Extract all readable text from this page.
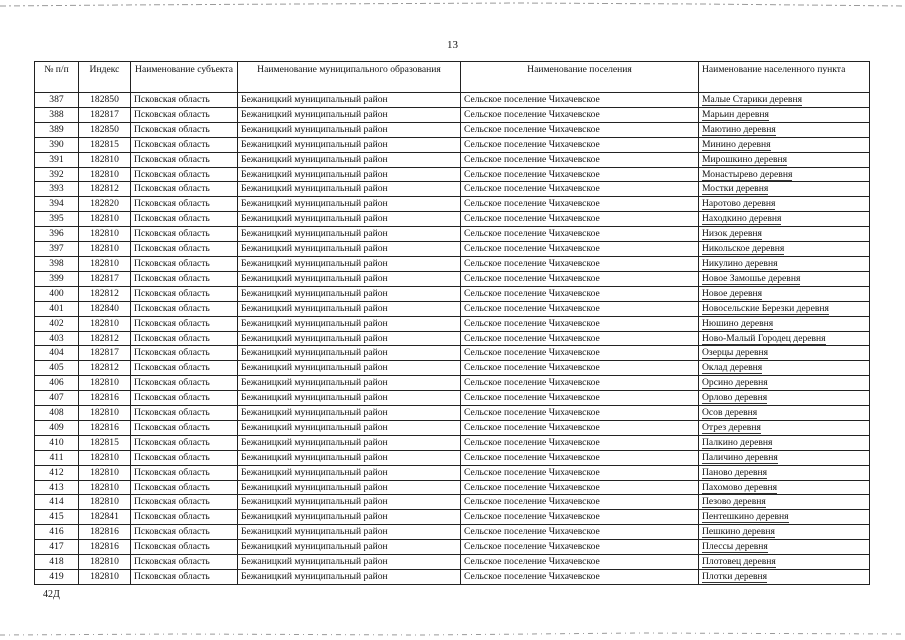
13
№ п/п	Индекс	Наименование субъекта	Наименование муниципального образования	Наименование поселения	Наименование населенного пункта
387	182850	Псковская область	Бежаницкий муниципальный район	Сельское поселение Чихачевское	Малые Старики деревня
388	182817	Псковская область	Бежаницкий муниципальный район	Сельское поселение Чихачевское	Марьин деревня
389	182850	Псковская область	Бежаницкий муниципальный район	Сельское поселение Чихачевское	Маютино деревня
390	182815	Псковская область	Бежаницкий муниципальный район	Сельское поселение Чихачевское	Минино деревня
391	182810	Псковская область	Бежаницкий муниципальный район	Сельское поселение Чихачевское	Мирошкино деревня
392	182810	Псковская область	Бежаницкий муниципальный район	Сельское поселение Чихачевское	Монастырево деревня
393	182812	Псковская область	Бежаницкий муниципальный район	Сельское поселение Чихачевское	Мостки деревня
394	182820	Псковская область	Бежаницкий муниципальный район	Сельское поселение Чихачевское	Наротово деревня
395	182810	Псковская область	Бежаницкий муниципальный район	Сельское поселение Чихачевское	Находкино деревня
396	182810	Псковская область	Бежаницкий муниципальный район	Сельское поселение Чихачевское	Низок деревня
397	182810	Псковская область	Бежаницкий муниципальный район	Сельское поселение Чихачевское	Никольское деревня
398	182810	Псковская область	Бежаницкий муниципальный район	Сельское поселение Чихачевское	Никулино деревня
399	182817	Псковская область	Бежаницкий муниципальный район	Сельское поселение Чихачевское	Новое Замошье деревня
400	182812	Псковская область	Бежаницкий муниципальный район	Сельское поселение Чихачевское	Новое деревня
401	182840	Псковская область	Бежаницкий муниципальный район	Сельское поселение Чихачевское	Новосельские Березки деревня
402	182810	Псковская область	Бежаницкий муниципальный район	Сельское поселение Чихачевское	Нюшино деревня
403	182812	Псковская область	Бежаницкий муниципальный район	Сельское поселение Чихачевское	Ново-Малый Городец деревня
404	182817	Псковская область	Бежаницкий муниципальный район	Сельское поселение Чихачевское	Озерцы деревня
405	182812	Псковская область	Бежаницкий муниципальный район	Сельское поселение Чихачевское	Оклад деревня
406	182810	Псковская область	Бежаницкий муниципальный район	Сельское поселение Чихачевское	Орсино деревня
407	182816	Псковская область	Бежаницкий муниципальный район	Сельское поселение Чихачевское	Орлово деревня
408	182810	Псковская область	Бежаницкий муниципальный район	Сельское поселение Чихачевское	Осов деревня
409	182816	Псковская область	Бежаницкий муниципальный район	Сельское поселение Чихачевское	Отрез деревня
410	182815	Псковская область	Бежаницкий муниципальный район	Сельское поселение Чихачевское	Палкино деревня
411	182810	Псковская область	Бежаницкий муниципальный район	Сельское поселение Чихачевское	Паличино деревня
412	182810	Псковская область	Бежаницкий муниципальный район	Сельское поселение Чихачевское	Паново деревня
413	182810	Псковская область	Бежаницкий муниципальный район	Сельское поселение Чихачевское	Пахомово деревня
414	182810	Псковская область	Бежаницкий муниципальный район	Сельское поселение Чихачевское	Пезово деревня
415	182841	Псковская область	Бежаницкий муниципальный район	Сельское поселение Чихачевское	Пентешкино деревня
416	182816	Псковская область	Бежаницкий муниципальный район	Сельское поселение Чихачевское	Пешкино деревня
417	182816	Псковская область	Бежаницкий муниципальный район	Сельское поселение Чихачевское	Плессы деревня
418	182810	Псковская область	Бежаницкий муниципальный район	Сельское поселение Чихачевское	Плотовец деревня
419	182810	Псковская область	Бежаницкий муниципальный район	Сельское поселение Чихачевское	Плотки деревня
42Д
